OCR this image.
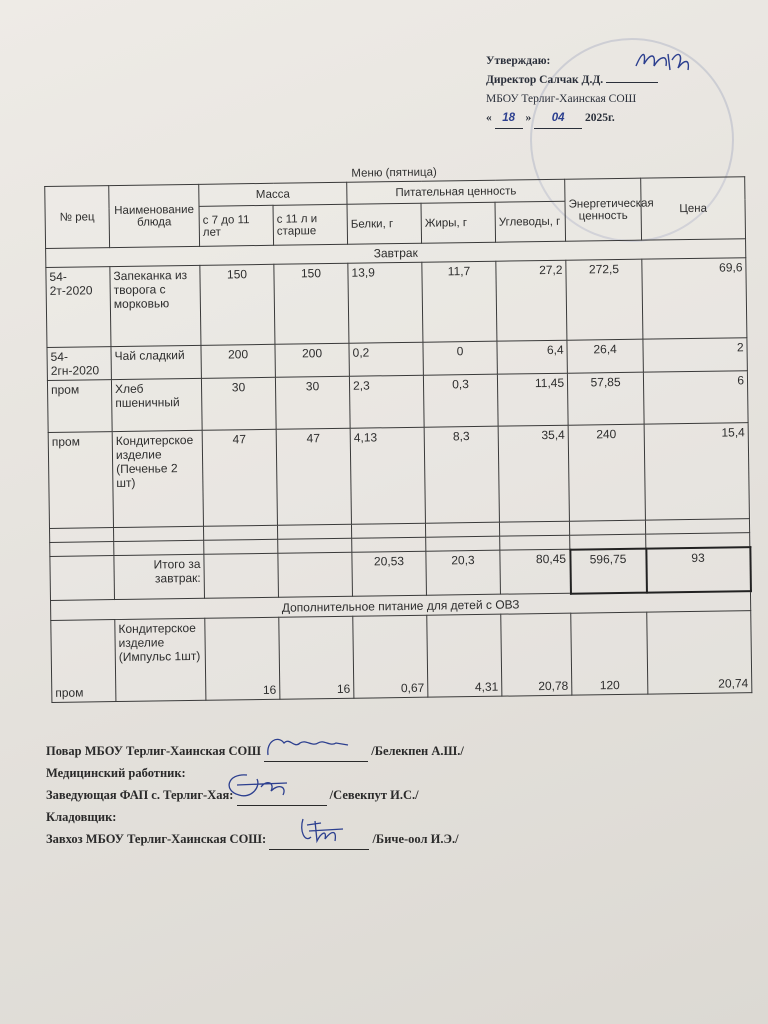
Утверждаю:
Директор Салчак Д.Д.
МБОУ Терлиг-Хаинская СОШ
« 18 » 04 2025г.
Меню (пятница)
№ рец	Наименование блюда	Масса		Питательная ценность			Энергетическая ценность	Цена
		с 7 до 11 лет	с 11 л и старше	Белки, г	Жиры, г	Углеводы, г		
Завтрак								
54-2т-2020	Запеканка из творога с морковью	150	150	13,9	11,7	27,2	272,5	69,6
54-2гн-2020	Чай сладкий	200	200	0,2	0	6,4	26,4	2
пром	Хлеб пшеничный	30	30	2,3	0,3	11,45	57,85	6
пром	Кондитерское изделие (Печенье 2 шт)	47	47	4,13	8,3	35,4	240	15,4

	Итого за завтрак:			20,53	20,3	80,45	596,75	93
Дополнительное питание для детей с ОВЗ								
пром	Кондитерское изделие (Импульс 1шт)	16	16	0,67	4,31	20,78	120	20,74
Повар МБОУ Терлиг-Хаинская СОШ	/Белекпен А.Ш./
Медицинский работник:
Заведующая ФАП с. Терлиг-Хая:	/Севекпут И.С./
Кладовщик:
Завхоз МБОУ Терлиг-Хаинская СОШ:	/Биче-оол И.Э./
